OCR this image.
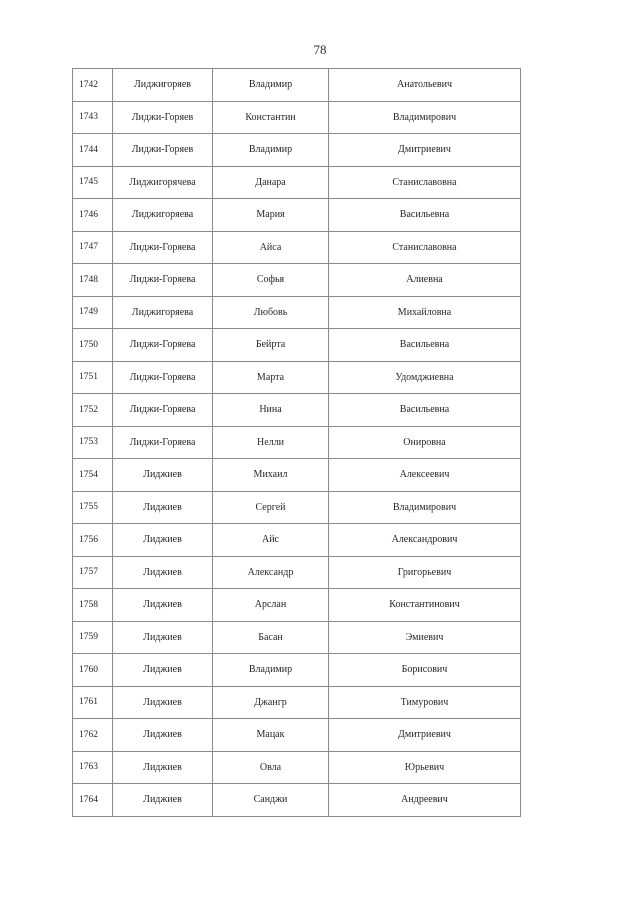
78
1742	Лиджигоряев	Владимир	Анатольевич
1743	Лиджи-Горяев	Константин	Владимирович
1744	Лиджи-Горяев	Владимир	Дмитриевич
1745	Лиджигорячева	Данара	Станиславовна
1746	Лиджигоряева	Мария	Васильевна
1747	Лиджи-Горяева	Айса	Станиславовна
1748	Лиджи-Горяева	Софья	Алиевна
1749	Лиджигоряева	Любовь	Михайловна
1750	Лиджи-Горяева	Бейрта	Васильевна
1751	Лиджи-Горяева	Марта	Удомджиевна
1752	Лиджи-Горяева	Нина	Васильевна
1753	Лиджи-Горяева	Нелли	Онировна
1754	Лиджиев	Михаил	Алексеевич
1755	Лиджиев	Сергей	Владимирович
1756	Лиджиев	Айс	Александрович
1757	Лиджиев	Александр	Григорьевич
1758	Лиджиев	Арслан	Константинович
1759	Лиджиев	Басан	Эмиевич
1760	Лиджиев	Владимир	Борисович
1761	Лиджиев	Джангр	Тимурович
1762	Лиджиев	Мацак	Дмитриевич
1763	Лиджиев	Овла	Юрьевич
1764	Лиджиев	Санджи	Андреевич
